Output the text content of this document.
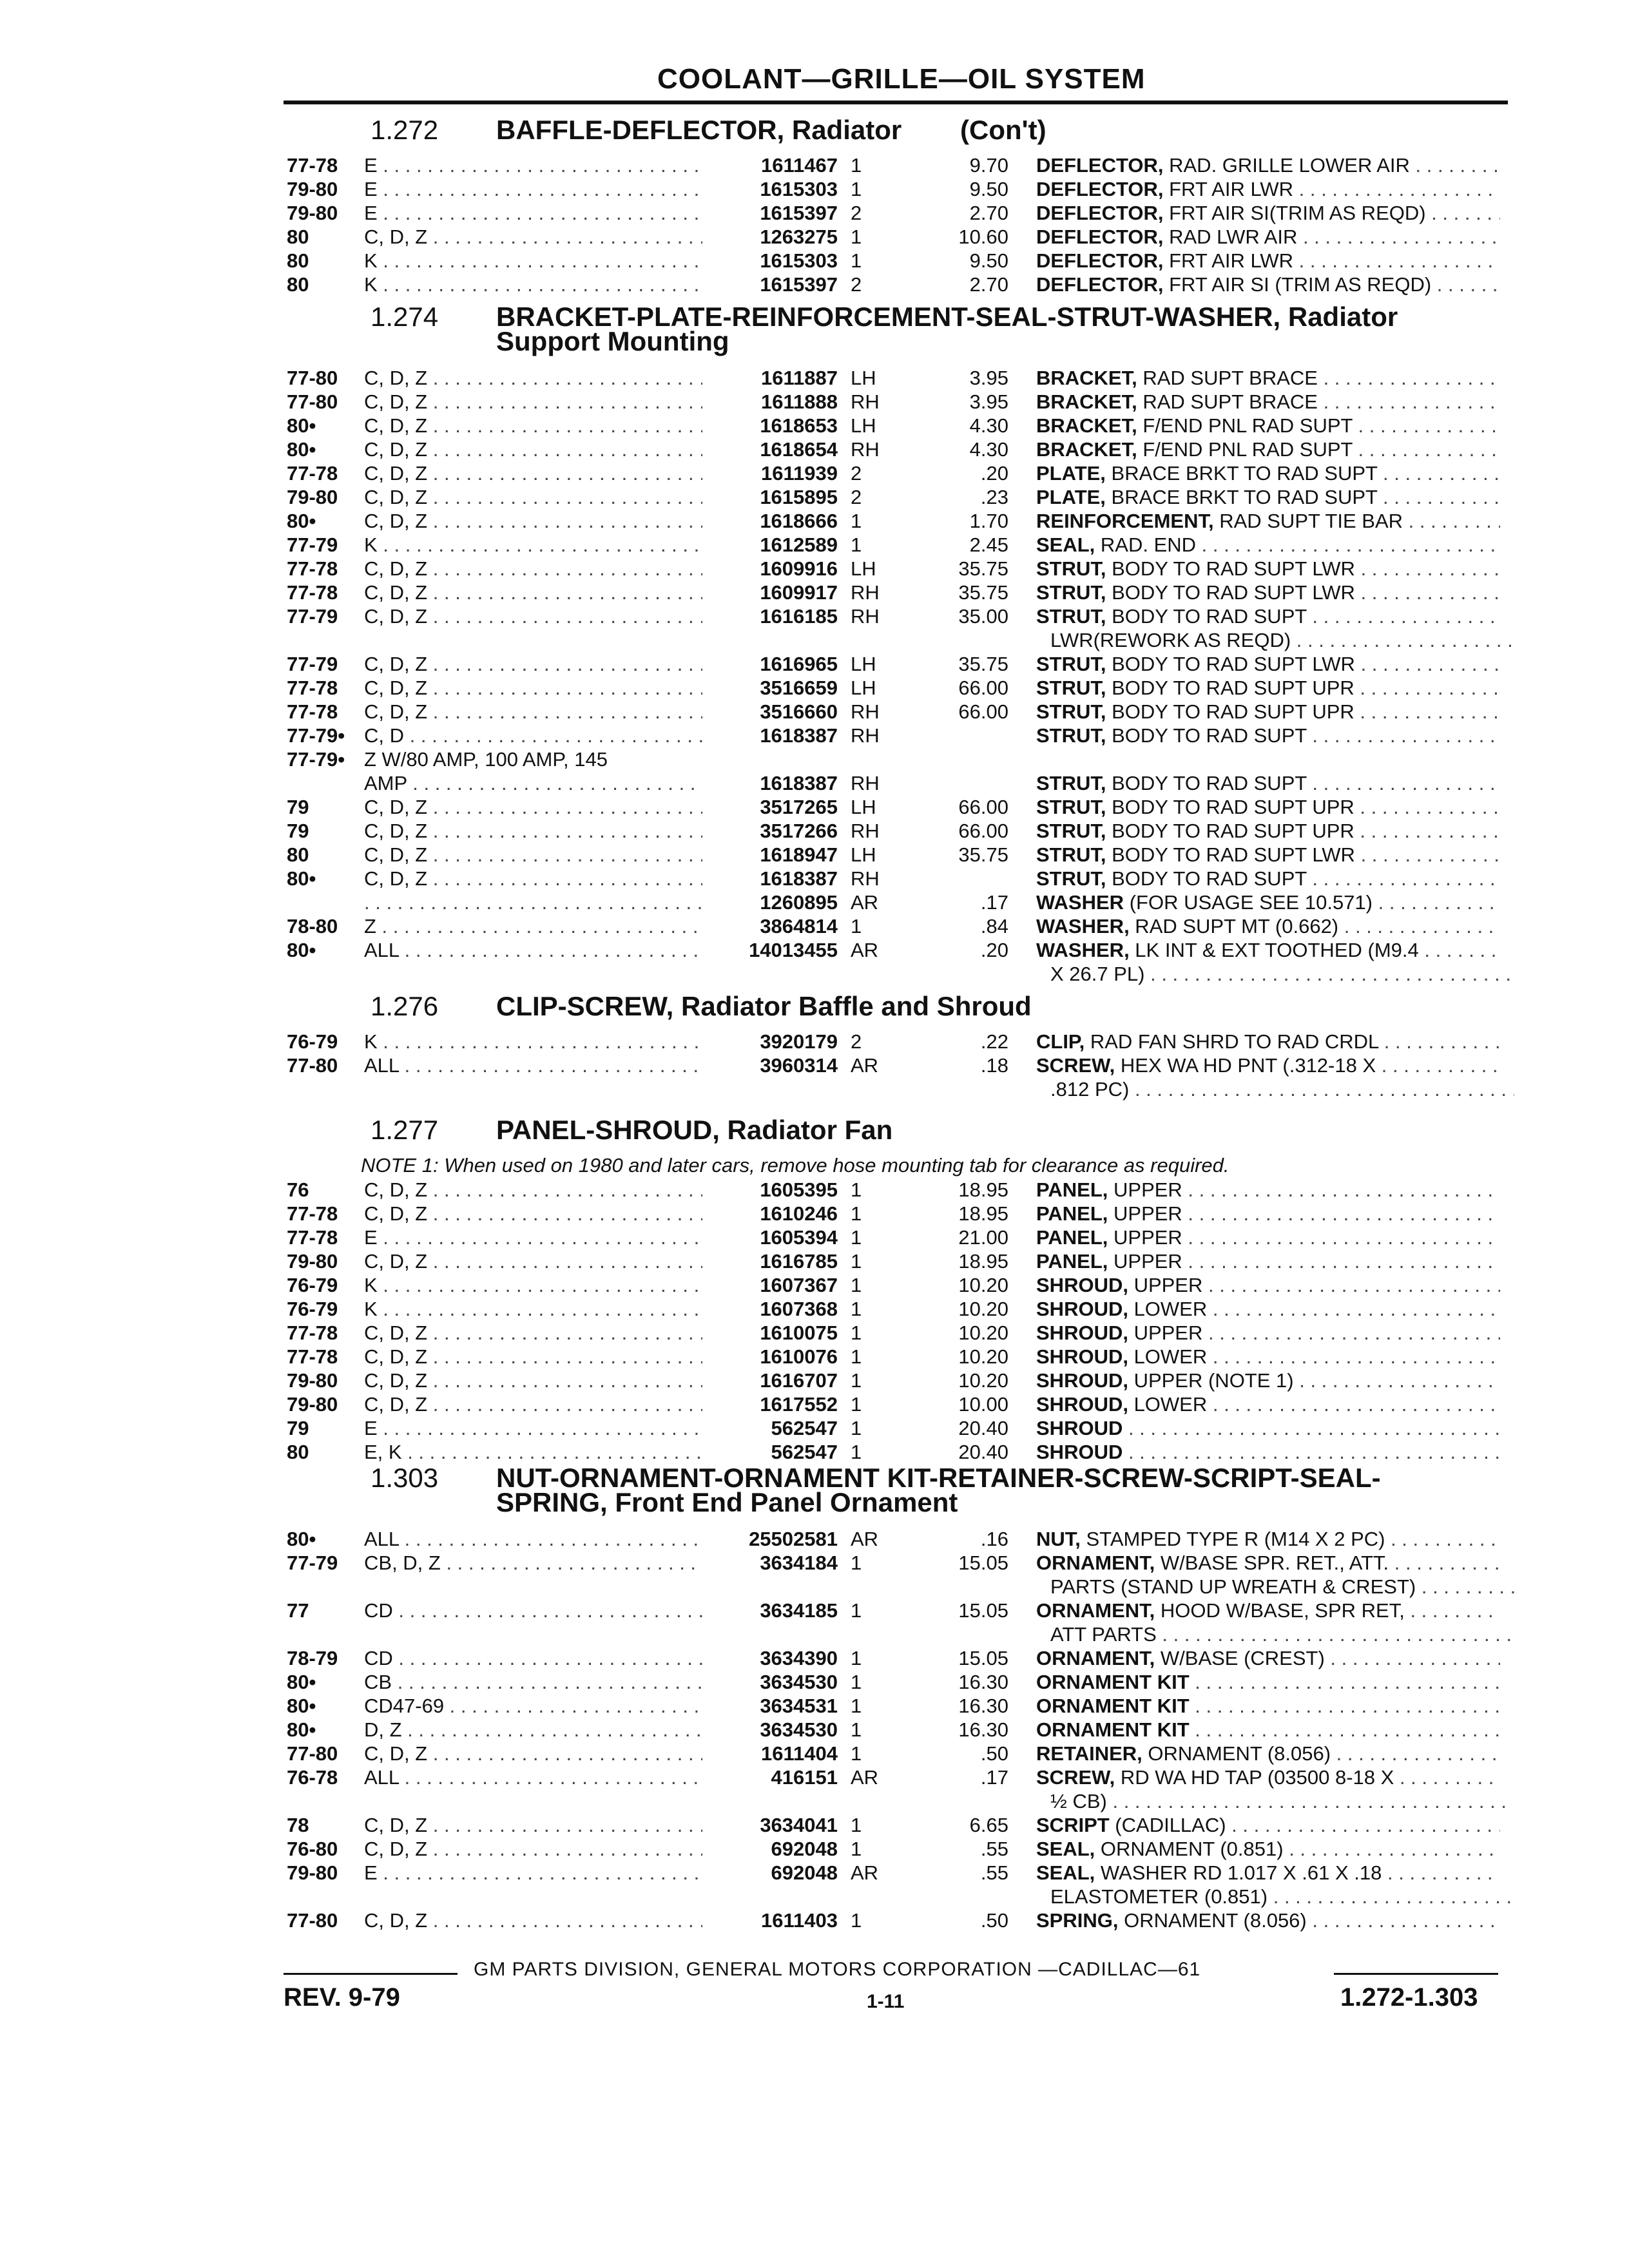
COOLANT—GRILLE—OIL SYSTEM
1.272 BAFFLE-DEFLECTOR, Radiator (Con't)
77-78 E . . .	1611467 1	9.70 DEFLECTOR, RAD. GRILLE LOWER AIR . . .
79-80 E . . .	1615303 1	9.50 DEFLECTOR, FRT AIR LWR . . .
79-80 E . . .	1615397 2	2.70 DEFLECTOR, FRT AIR SI(TRIM AS REQD) . . .
80	C, D, Z . . .	1263275 1	10.60 DEFLECTOR, RAD LWR AIR . . .
80	K . . .	1615303 1	9.50 DEFLECTOR, FRT AIR LWR . . .
80	K . . .	1615397 2	2.70 DEFLECTOR, FRT AIR SI (TRIM AS REQD) . . .
1.274 BRACKET-PLATE-REINFORCEMENT-SEAL-STRUT-WASHER, Radiator
Support Mounting
77-80 C, D, Z . . .	1611887 LH	3.95 BRACKET, RAD SUPT BRACE . . .
77-80 C, D, Z . . .	1611888 RH	3.95 BRACKET, RAD SUPT BRACE . . .
80• C, D, Z . . .	1618653 LH	4.30 BRACKET, F/END PNL RAD SUPT . . .
80• C, D, Z . . .	1618654 RH	4.30 BRACKET, F/END PNL RAD SUPT . . .
77-78 C, D, Z . . .	1611939 2	.20 PLATE, BRACE BRKT TO RAD SUPT . . .
79-80 C, D, Z . . .	1615895 2	.23 PLATE, BRACE BRKT TO RAD SUPT . . .
80• C, D, Z . . .	1618666 1	1.70 REINFORCEMENT, RAD SUPT TIE BAR . . .
77-79 K . . .	1612589 1	2.45 SEAL, RAD. END . . .
77-78 C, D, Z . . .	1609916 LH	35.75 STRUT, BODY TO RAD SUPT LWR . . .
77-78 C, D, Z . . .	1609917 RH	35.75 STRUT, BODY TO RAD SUPT LWR . . .
77-79 C, D, Z . . .	1616185 RH	35.00 STRUT, BODY TO RAD SUPT . . .
LWR(REWORK AS REQD) . . .
77-79 C, D, Z . . .	1616965 LH	35.75 STRUT, BODY TO RAD SUPT LWR . . .
77-78 C, D, Z . . .	3516659 LH	66.00 STRUT, BODY TO RAD SUPT UPR . . .
77-78 C, D, Z . . .	3516660 RH	66.00 STRUT, BODY TO RAD SUPT UPR . . .
77-79• C, D . . .	1618387 RH	STRUT, BODY TO RAD SUPT . . .
77-79• Z W/80 AMP, 100 AMP, 145
AMP . . .	1618387 RH	STRUT, BODY TO RAD SUPT . . .
79	C, D, Z . . .	3517265 LH	66.00 STRUT, BODY TO RAD SUPT UPR . . .
79	C, D, Z . . .	3517266 RH	66.00 STRUT, BODY TO RAD SUPT UPR . . .
80	C, D, Z . . .	1618947 LH	35.75 STRUT, BODY TO RAD SUPT LWR . . .
80• C, D, Z . . .	1618387 RH	STRUT, BODY TO RAD SUPT . . .
. . .
1260895 AR	.17 WASHER (FOR USAGE SEE 10.571) . . .
78-80 Z . . .	3864814 1	.84 WASHER, RAD SUPT MT (0.662) . . .
80• ALL . . .	14013455 AR	.20 WASHER, LK INT & EXT TOOTHED (M9.4 . . .
X 26.7 PL) . . .
1.276 CLIP-SCREW, Radiator Baffle and Shroud
76-79 K . . .	3920179 2	.22 CLIP, RAD FAN SHRD TO RAD CRDL . . .
77-80 ALL . . .	3960314 AR	.18 SCREW, HEX WA HD PNT (.312-18 X . . .
.812 PC) . . .
1.277 PANEL-SHROUD, Radiator Fan
NOTE 1: When used on 1980 and later cars, remove hose mounting tab for clearance as required.
76	C, D, Z . . .	1605395 1	18.95 PANEL, UPPER . . .
77-78 C, D, Z . . .	1610246 1	18.95 PANEL, UPPER . . .
77-78 E . . .	1605394 1	21.00 PANEL, UPPER . . .
79-80 C, D, Z . . .	1616785 1	18.95 PANEL, UPPER . . .
76-79 K . . .	1607367 1	10.20 SHROUD, UPPER . . .
76-79 K . . .	1607368 1	10.20 SHROUD, LOWER . . .
77-78 C, D, Z . . .	1610075 1	10.20 SHROUD, UPPER . . .
77-78 C, D, Z . . .	1610076 1	10.20 SHROUD, LOWER . . .
79-80 C, D, Z . . .	1616707 1	10.20 SHROUD, UPPER (NOTE 1) . . .
79-80 C, D, Z . . .	1617552 1	10.00 SHROUD, LOWER . . .
79	E . . .	562547 1	20.40 SHROUD . . .
80	E, K . . .	562547 1	20.40 SHROUD . . .
1.303 NUT-ORNAMENT-ORNAMENT KIT-RETAINER-SCREW-SCRIPT-SEAL-
SPRING, Front End Panel Ornament
80• ALL . . .	25502581 AR	.16 NUT, STAMPED TYPE R (M14 X 2 PC) . . .
77-79 CB, D, Z . . .	3634184 1	15.05 ORNAMENT, W/BASE SPR. RET., ATT. . . .
PARTS (STAND UP WREATH & CREST) . . .
77	CD . . .	3634185 1	15.05 ORNAMENT, HOOD W/BASE, SPR RET, . . .
ATT PARTS . . .
78-79 CD . . .	3634390 1	15.05 ORNAMENT, W/BASE (CREST) . . .
80• CB . . .	3634530 1	16.30 ORNAMENT KIT . . .
80• CD47-69 . . .	3634531 1	16.30 ORNAMENT KIT . . .
80• D, Z . . .	3634530 1	16.30 ORNAMENT KIT . . .
77-80 C, D, Z . . .	1611404 1	.50 RETAINER, ORNAMENT (8.056) . . .
76-78 ALL . . .	416151 AR	.17 SCREW, RD WA HD TAP (03500 8-18 X . . .
½ CB) . . .
78	C, D, Z . . .	3634041 1	6.65 SCRIPT (CADILLAC) . . .
76-80 C, D, Z . . .	692048 1	.55 SEAL, ORNAMENT (0.851) . . .
79-80 E . . .	692048 AR	.55 SEAL, WASHER RD 1.017 X .61 X .18 . . .
ELASTOMETER (0.851) . . .
77-80 C, D, Z . . .	1611403 1	.50 SPRING, ORNAMENT (8.056) . . .
GM PARTS DIVISION, GENERAL MOTORS CORPORATION —CADILLAC—61
REV. 9-79	1-11	1.272-1.303
